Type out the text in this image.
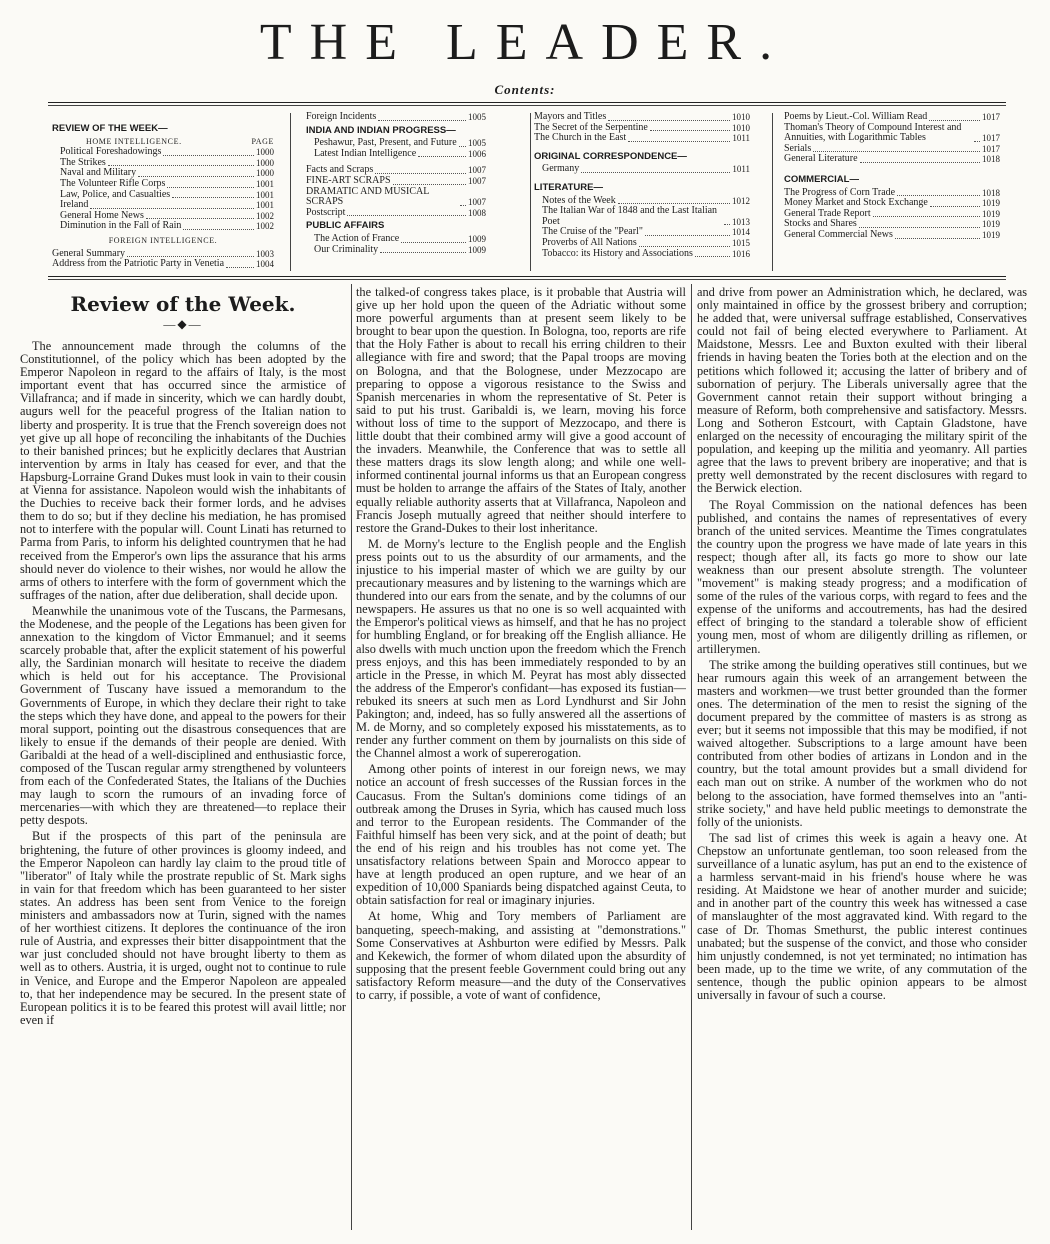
THE LEADER.
Contents:
REVIEW OF THE WEEK—
HOME INTELLIGENCE.	PAGE
Political Foreshadowings	1000
The Strikes	1000
Naval and Military	1000
The Volunteer Rifle Corps	1001
Law, Police, and Casualties	1001
Ireland	1001
General Home News	1002
Diminution in the Fall of Rain	1002
FOREIGN INTELLIGENCE.
General Summary	1003
Address from the Patriotic Party in Venetia	1004
Foreign Incidents	1005
INDIA AND INDIAN PROGRESS—
Peshawur, Past, Present, and Future 1005
Latest Indian Intelligence	1006
Facts and Scraps	1007
FINE-ART SCRAPS	1007
DRAMATIC AND MUSICAL SCRAPS	1007
Postscript	1008
PUBLIC AFFAIRS
The Action of France	1009
Our Criminality	1009
Mayors and Titles	1010
The Secret of the Serpentine	1010
The Church in the East	1011
ORIGINAL CORRESPONDENCE—
Germany	1011
LITERATURE—
Notes of the Week	1012
The Italian War of 1848 and the Last Italian Poet	1013
The Cruise of the "Pearl"	1014
Proverbs of All Nations	1015
Tobacco: its History and Associations	1016
Poems by Lieut.-Col. William Read	1017
Thoman's Theory of Compound Interest and Annuities, with Logarithmic Tables	1017
Serials	1017
General Literature	1018
COMMERCIAL—
The Progress of Corn Trade	1018
Money Market and Stock Exchange	1019
General Trade Report	1019
Stocks and Shares	1019
General Commercial News	1019
Review of the Week.
—◆—

The announcement made through the columns of the Constitutionnel, of the policy which has been adopted by the Emperor Napoleon in regard to the affairs of Italy, is the most important event that has occurred since the armistice of Villafranca; and if made in sincerity, which we can hardly doubt, augurs well for the peaceful progress of the Italian nation to liberty and prosperity. It is true that the French sovereign does not yet give up all hope of reconciling the inhabitants of the Duchies to their banished princes; but he explicitly declares that Austrian intervention by arms in Italy has ceased for ever, and that the Hapsburg-Lorraine Grand Dukes must look in vain to their cousin at Vienna for assistance. Napoleon would wish the inhabitants of the Duchies to receive back their former lords, and he advises them to do so; but if they decline his mediation, he has promised not to interfere with the popular will. Count Linati has returned to Parma from Paris, to inform his delighted countrymen that he had received from the Emperor's own lips the assurance that his arms should never do violence to their wishes, nor would he allow the arms of others to interfere with the form of government which the suffrages of the nation, after due deliberation, shall decide upon.

Meanwhile the unanimous vote of the Tuscans, the Parmesans, the Modenese, and the people of the Legations has been given for annexation to the kingdom of Victor Emmanuel; and it seems scarcely probable that, after the explicit statement of his powerful ally, the Sardinian monarch will hesitate to receive the diadem which is held out for his acceptance. The Provisional Government of Tuscany have issued a memorandum to the Governments of Europe, in which they declare their right to take the steps which they have done, and appeal to the powers for their moral support, pointing out the disastrous consequences that are likely to ensue if the demands of their people are denied. With Garibaldi at the head of a well-disciplined and enthusiastic force, composed of the Tuscan regular army strengthened by volunteers from each of the Confederated States, the Italians of the Duchies may laugh to scorn the rumours of an invading force of mercenaries—with which they are threatened—to replace their petty despots.

But if the prospects of this part of the peninsula are brightening, the future of other provinces is gloomy indeed, and the Emperor Napoleon can hardly lay claim to the proud title of "liberator" of Italy while the prostrate republic of St. Mark sighs in vain for that freedom which has been guaranteed to her sister states. An address has been sent from Venice to the foreign ministers and ambassadors now at Turin, signed with the names of her worthiest citizens. It deplores the continuance of the iron rule of Austria, and expresses their bitter disappointment that the war just concluded should not have brought liberty to them as well as to others. Austria, it is urged, ought not to continue to rule in Venice, and Europe and the Emperor Napoleon are appealed to, that her independence may be secured. In the present state of European politics it is to be feared this protest will avail little; nor even if

the talked-of congress takes place, is it probable that Austria will give up her hold upon the queen of the Adriatic without some more powerful arguments than at present seem likely to be brought to bear upon the question. In Bologna, too, reports are rife that the Holy Father is about to recall his erring children to their allegiance with fire and sword; that the Papal troops are moving on Bologna, and that the Bolognese, under Mezzocapo are preparing to oppose a vigorous resistance to the Swiss and Spanish mercenaries in whom the representative of St. Peter is said to put his trust. Garibaldi is, we learn, moving his force without loss of time to the support of Mezzocapo, and there is little doubt that their combined army will give a good account of the invaders. Meanwhile, the Conference that was to settle all these matters drags its slow length along; and while one well-informed continental journal informs us that an European congress must be holden to arrange the affairs of the States of Italy, another equally reliable authority asserts that at Villafranca, Napoleon and Francis Joseph mutually agreed that neither should interfere to restore the Grand-Dukes to their lost inheritance.

M. de Morny's lecture to the English people and the English press points out to us the absurdity of our armaments, and the injustice to his imperial master of which we are guilty by our precautionary measures and by listening to the warnings which are thundered into our ears from the senate, and by the columns of our newspapers. He assures us that no one is so well acquainted with the Emperor's political views as himself, and that he has no project for humbling England, or for breaking off the English alliance. He also dwells with much unction upon the freedom which the French press enjoys, and this has been immediately responded to by an article in the Presse, in which M. Peyrat has most ably dissected the address of the Emperor's confidant—has exposed its fustian—rebuked its sneers at such men as Lord Lyndhurst and Sir John Pakington; and, indeed, has so fully answered all the assertions of M. de Morny, and so completely exposed his misstatements, as to render any further comment on them by journalists on this side of the Channel almost a work of supererogation.

Among other points of interest in our foreign news, we may notice an account of fresh successes of the Russian forces in the Caucasus. From the Sultan's dominions come tidings of an outbreak among the Druses in Syria, which has caused much loss and terror to the European residents. The Commander of the Faithful himself has been very sick, and at the point of death; but the end of his reign and his troubles has not come yet. The unsatisfactory relations between Spain and Morocco appear to have at length produced an open rupture, and we hear of an expedition of 10,000 Spaniards being dispatched against Ceuta, to obtain satisfaction for real or imaginary injuries.

At home, Whig and Tory members of Parliament are banqueting, speech-making, and assisting at "demonstrations." Some Conservatives at Ashburton were edified by Messrs. Palk and Kekewich, the former of whom dilated upon the absurdity of supposing that the present feeble Government could bring out any satisfactory Reform measure—and the duty of the Conservatives to carry, if possible, a vote of want of confidence,

and drive from power an Administration which, he declared, was only maintained in office by the grossest bribery and corruption; he added that, were universal suffrage established, Conservatives could not fail of being elected everywhere to Parliament. At Maidstone, Messrs. Lee and Buxton exulted with their liberal friends in having beaten the Tories both at the election and on the petitions which followed it; accusing the latter of bribery and of subornation of perjury. The Liberals universally agree that the Government cannot retain their support without bringing a measure of Reform, both comprehensive and satisfactory. Messrs. Long and Sotheron Estcourt, with Captain Gladstone, have enlarged on the necessity of encouraging the military spirit of the population, and keeping up the militia and yeomanry. All parties agree that the laws to prevent bribery are inoperative; and that is pretty well demonstrated by the recent disclosures with regard to the Berwick election.

The Royal Commission on the national defences has been published, and contains the names of representatives of every branch of the united services. Meantime the Times congratulates the country upon the progress we have made of late years in this respect; though after all, its facts go more to show our late weakness than our present absolute strength. The volunteer "movement" is making steady progress; and a modification of some of the rules of the various corps, with regard to fees and the expense of the uniforms and accoutrements, has had the desired effect of bringing to the standard a tolerable show of efficient young men, most of whom are diligently drilling as riflemen, or artillerymen.

The strike among the building operatives still continues, but we hear rumours again this week of an arrangement between the masters and workmen—we trust better grounded than the former ones. The determination of the men to resist the signing of the document prepared by the committee of masters is as strong as ever; but it seems not impossible that this may be modified, if not waived altogether. Subscriptions to a large amount have been contributed from other bodies of artizans in London and in the country, but the total amount provides but a small dividend for each man out on strike. A number of the workmen who do not belong to the association, have formed themselves into an "anti-strike society," and have held public meetings to demonstrate the folly of the unionists.

The sad list of crimes this week is again a heavy one. At Chepstow an unfortunate gentleman, too soon released from the surveillance of a lunatic asylum, has put an end to the existence of a harmless servant-maid in his friend's house where he was residing. At Maidstone we hear of another murder and suicide; and in another part of the country this week has witnessed a case of manslaughter of the most aggravated kind. With regard to the case of Dr. Thomas Smethurst, the public interest continues unabated; but the suspense of the convict, and those who consider him unjustly condemned, is not yet terminated; no intimation has been made, up to the time we write, of any commutation of the sentence, though the public opinion appears to be almost universally in favour of such a course.
